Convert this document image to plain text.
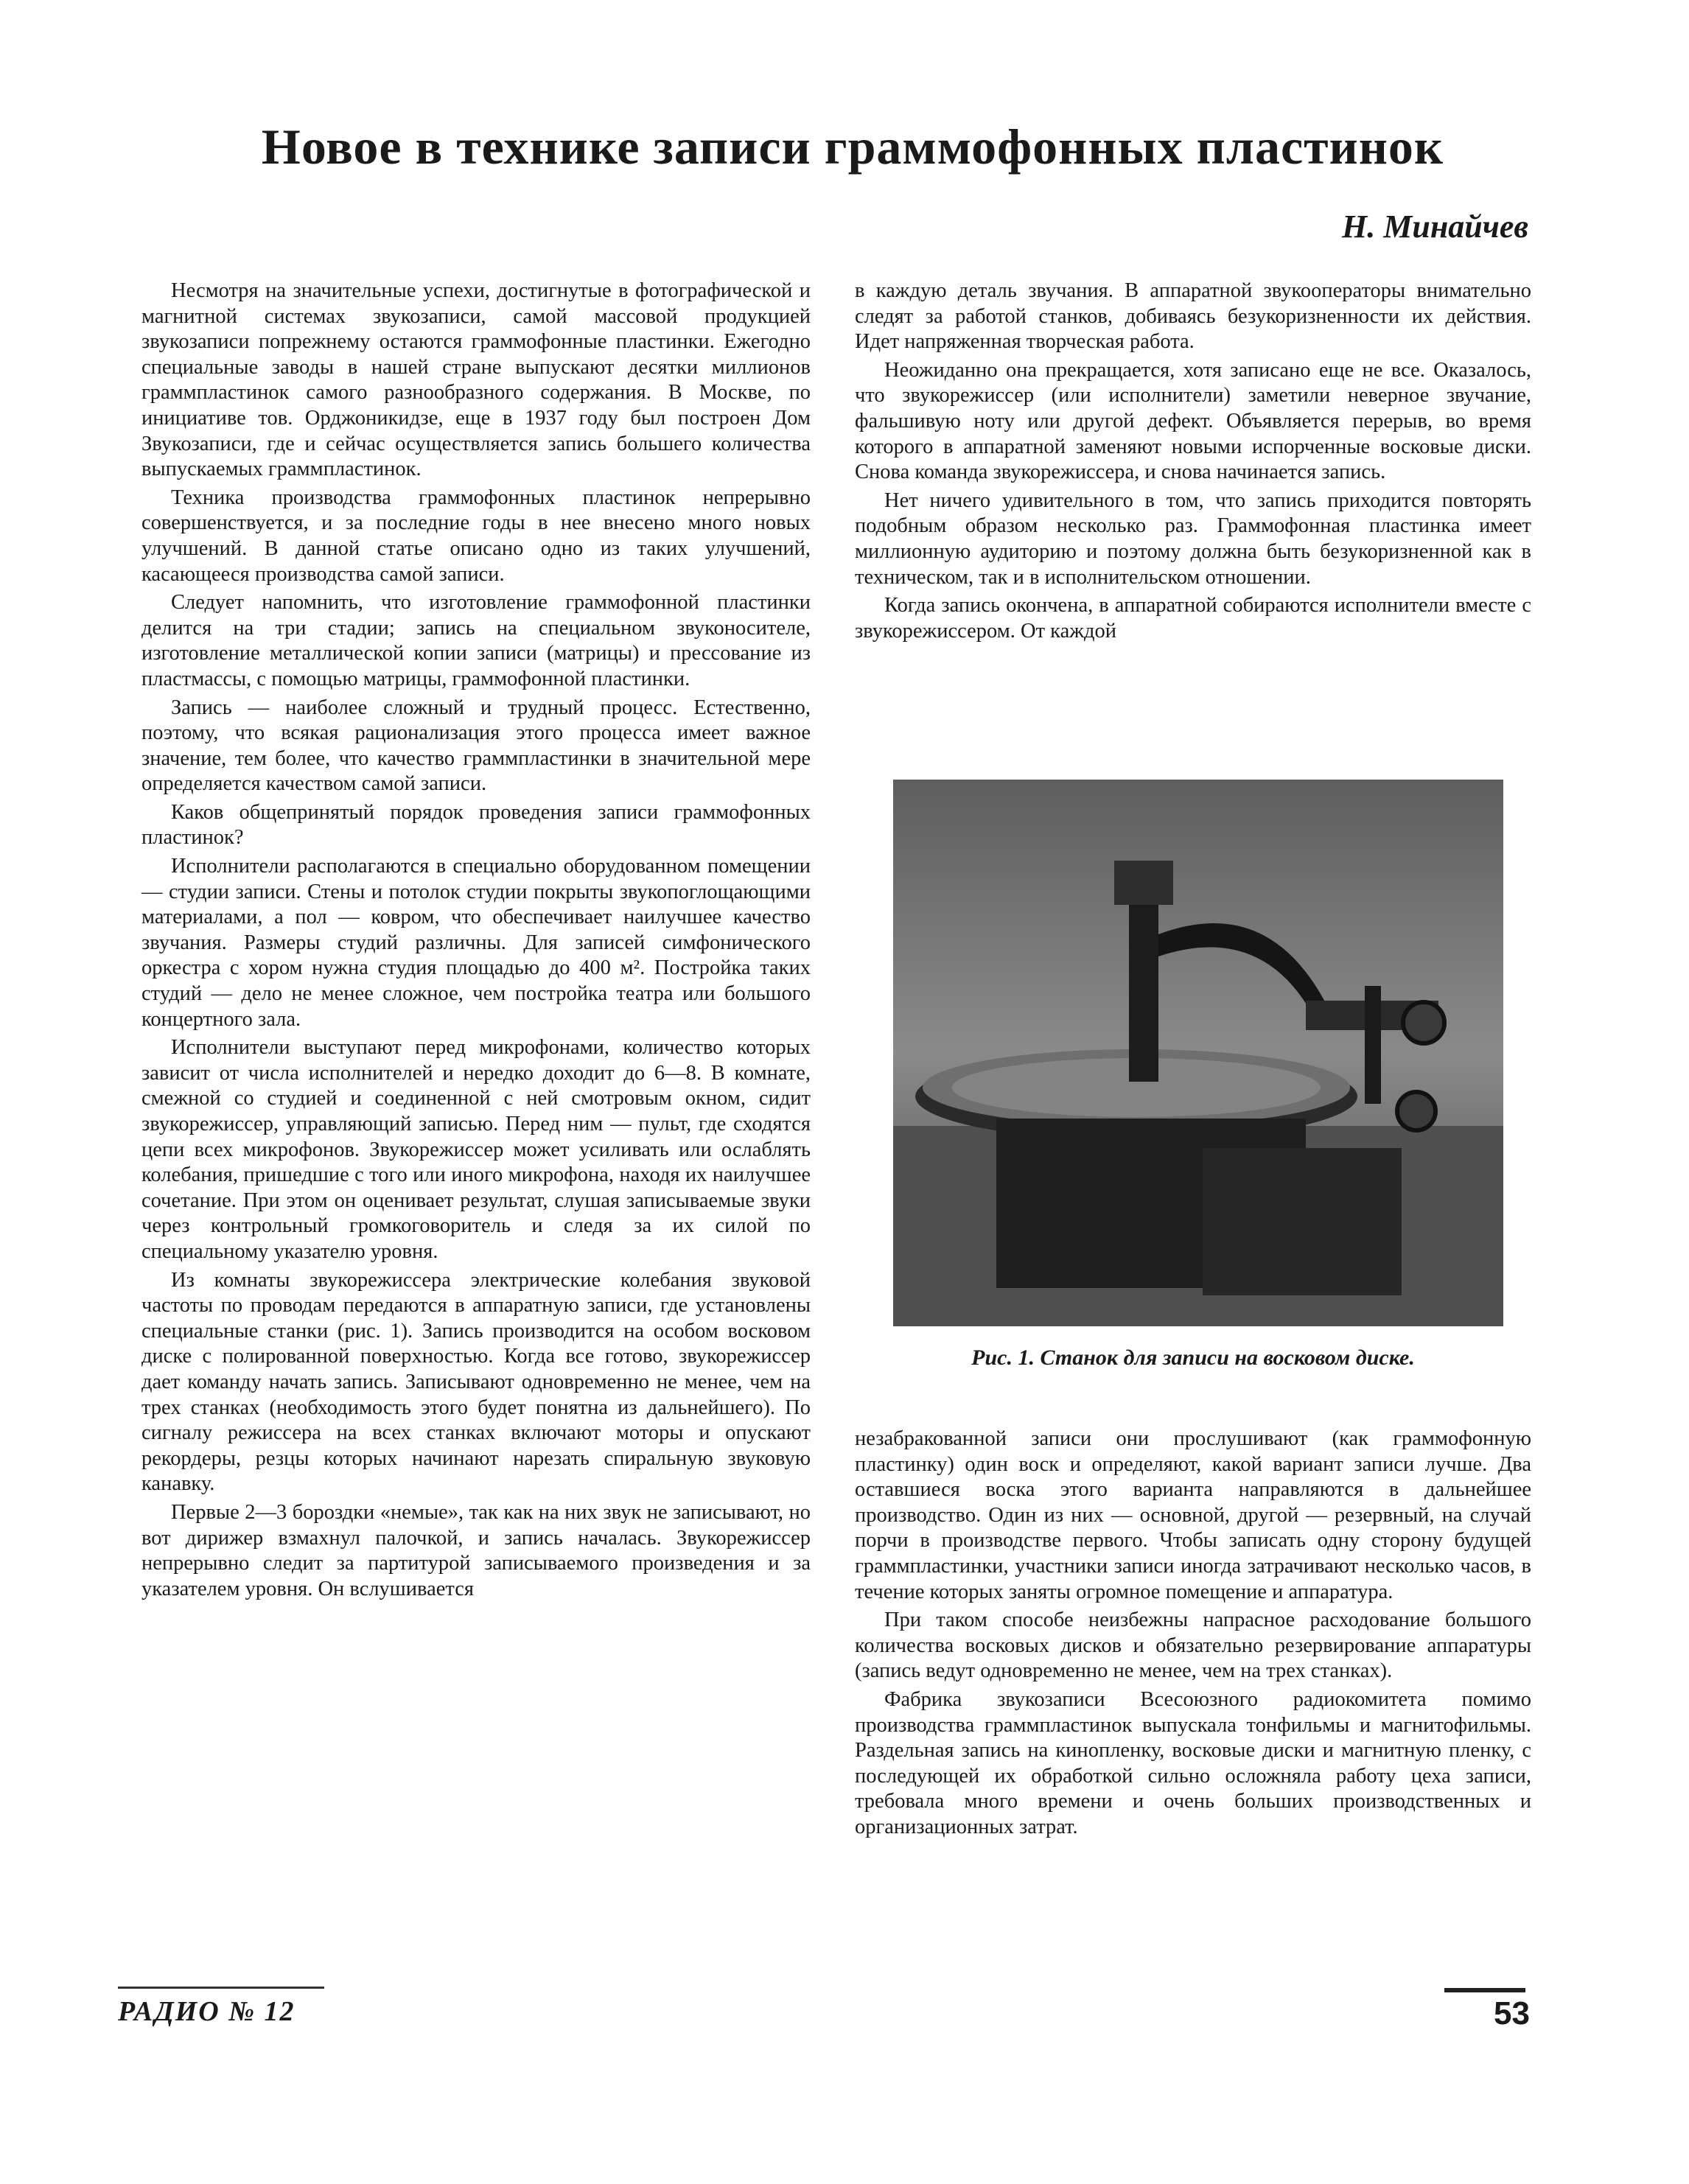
Новое в технике записи граммофонных пластинок

Н. Минайчев

Несмотря на значительные успехи, достигнутые в фотографической и магнитной системах звукозаписи, самой массовой продукцией звукозаписи попрежнему остаются граммофонные пластинки. Ежегодно специальные заводы в нашей стране выпускают десятки миллионов граммпластинок самого разнообразного содержания. В Москве, по инициативе тов. Орджоникидзе, еще в 1937 году был построен Дом Звукозаписи, где и сейчас осуществляется запись большего количества выпускаемых граммпластинок.

Техника производства граммофонных пластинок непрерывно совершенствуется, и за последние годы в нее внесено много новых улучшений. В данной статье описано одно из таких улучшений, касающееся производства самой записи.

Следует напомнить, что изготовление граммофонной пластинки делится на три стадии; запись на специальном звуконосителе, изготовление металлической копии записи (матрицы) и прессование из пластмассы, с помощью матрицы, граммофонной пластинки.

Запись — наиболее сложный и трудный процесс. Естественно, поэтому, что всякая рационализация этого процесса имеет важное значение, тем более, что качество граммпластинки в значительной мере определяется качеством самой записи.

Каков общепринятый порядок проведения записи граммофонных пластинок?

Исполнители располагаются в специально оборудованном помещении — студии записи. Стены и потолок студии покрыты звукопоглощающими материалами, а пол — ковром, что обеспечивает наилучшее качество звучания. Размеры студий различны. Для записей симфонического оркестра с хором нужна студия площадью до 400 м². Постройка таких студий — дело не менее сложное, чем постройка театра или большого концертного зала.

Исполнители выступают перед микрофонами, количество которых зависит от числа исполнителей и нередко доходит до 6—8. В комнате, смежной со студией и соединенной с ней смотровым окном, сидит звукорежиссер, управляющий записью. Перед ним — пульт, где сходятся цепи всех микрофонов. Звукорежиссер может усиливать или ослаблять колебания, пришедшие с того или иного микрофона, находя их наилучшее сочетание. При этом он оценивает результат, слушая записываемые звуки через контрольный громкоговоритель и следя за их силой по специальному указателю уровня.

Из комнаты звукорежиссера электрические колебания звуковой частоты по проводам передаются в аппаратную записи, где установлены специальные станки (рис. 1). Запись производится на особом восковом диске с полированной поверхностью. Когда все готово, звукорежиссер дает команду начать запись. Записывают одновременно не менее, чем на трех станках (необходимость этого будет понятна из дальнейшего). По сигналу режиссера на всех станках включают моторы и опускают рекордеры, резцы которых начинают нарезать спиральную звуковую канавку.

Первые 2—3 бороздки «немые», так как на них звук не записывают, но вот дирижер взмахнул палочкой, и запись началась. Звукорежиссер непрерывно следит за партитурой записываемого произведения и за указателем уровня. Он вслушивается

в каждую деталь звучания. В аппаратной звукооператоры внимательно следят за работой станков, добиваясь безукоризненности их действия. Идет напряженная творческая работа.

Неожиданно она прекращается, хотя записано еще не все. Оказалось, что звукорежиссер (или исполнители) заметили неверное звучание, фальшивую ноту или другой дефект. Объявляется перерыв, во время которого в аппаратной заменяют новыми испорченные восковые диски. Снова команда звукорежиссера, и снова начинается запись.

Нет ничего удивительного в том, что запись приходится повторять подобным образом несколько раз. Граммофонная пластинка имеет миллионную аудиторию и поэтому должна быть безукоризненной как в техническом, так и в исполнительском отношении.

Когда запись окончена, в аппаратной собираются исполнители вместе с звукорежиссером. От каждой

Рис. 1. Станок для записи на восковом диске.

незабракованной записи они прослушивают (как граммофонную пластинку) один воск и определяют, какой вариант записи лучше. Два оставшиеся воска этого варианта направляются в дальнейшее производство. Один из них — основной, другой — резервный, на случай порчи в производстве первого. Чтобы записать одну сторону будущей граммпластинки, участники записи иногда затрачивают несколько часов, в течение которых заняты огромное помещение и аппаратура.

При таком способе неизбежны напрасное расходование большого количества восковых дисков и обязательно резервирование аппаратуры (запись ведут одновременно не менее, чем на трех станках).

Фабрика звукозаписи Всесоюзного радиокомитета помимо производства граммпластинок выпускала тонфильмы и магнитофильмы. Раздельная запись на кинопленку, восковые диски и магнитную пленку, с последующей их обработкой сильно осложняла работу цеха записи, требовала много времени и очень больших производственных и организационных затрат.

РАДИО № 12	53
